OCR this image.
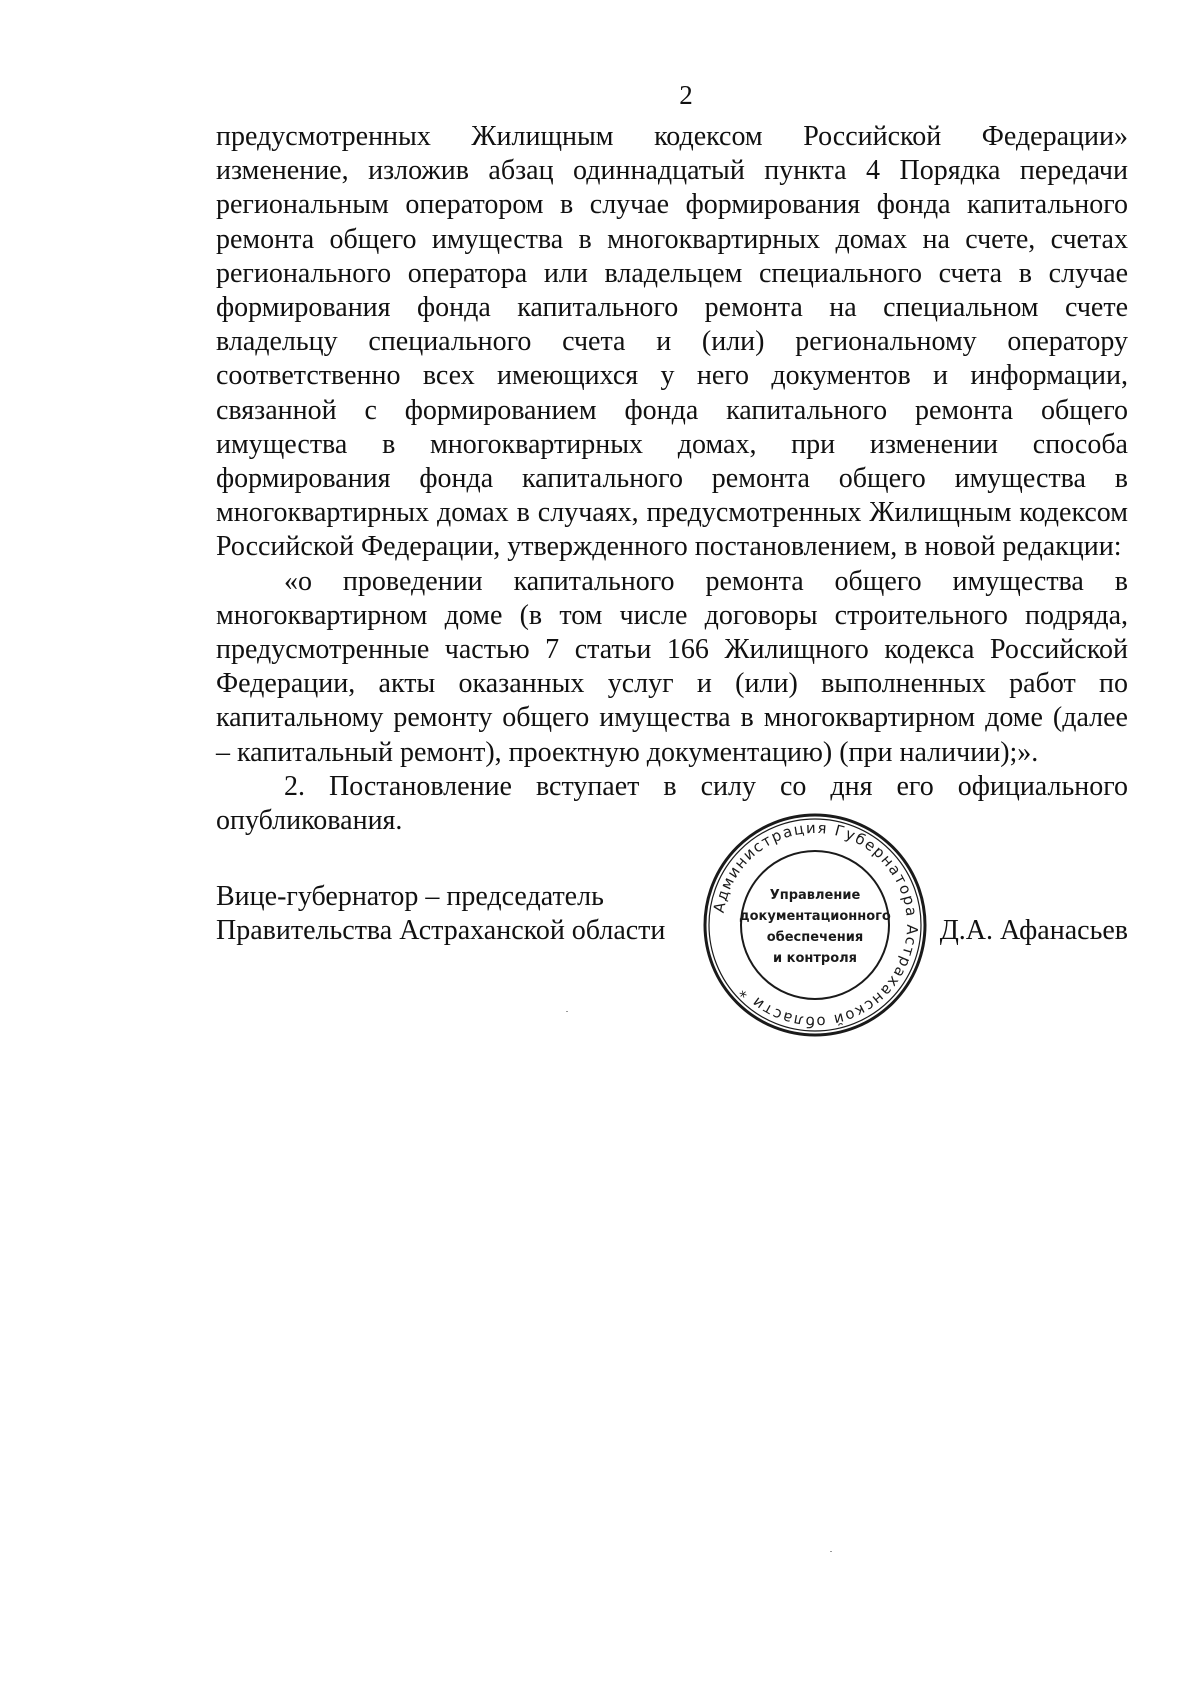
2

предусмотренных Жилищным кодексом Российской Федерации» изменение, изложив абзац одиннадцатый пункта 4 Порядка передачи региональным оператором в случае формирования фонда капитального ремонта общего имущества в многоквартирных домах на счете, счетах регионального оператора или владельцем специального счета в случае формирования фонда капитального ремонта на специальном счете владельцу специального счета и (или) региональному оператору соответственно всех имеющихся у него документов и информации, связанной с формированием фонда капитального ремонта общего имущества в многоквартирных домах, при изменении способа формирования фонда капитального ремонта общего имущества в многоквартирных домах в случаях, предусмотренных Жилищным кодексом Российской Федерации, утвержденного постановлением, в новой редакции:

«о проведении капитального ремонта общего имущества в многоквартирном доме (в том числе договоры строительного подряда, предусмотренные частью 7 статьи 166 Жилищного кодекса Российской Федерации, акты оказанных услуг и (или) выполненных работ по капитальному ремонту общего имущества в многоквартирном доме (далее – капитальный ремонт), проектную документацию) (при наличии);».

2. Постановление вступает в силу со дня его официального опубликования.

Вице-губернатор – председатель
Правительства Астраханской области	Д.А. Афанасьев
Администрация Губернатора Астраханской области *
Управление
документационного
обеспечения
и контроля
